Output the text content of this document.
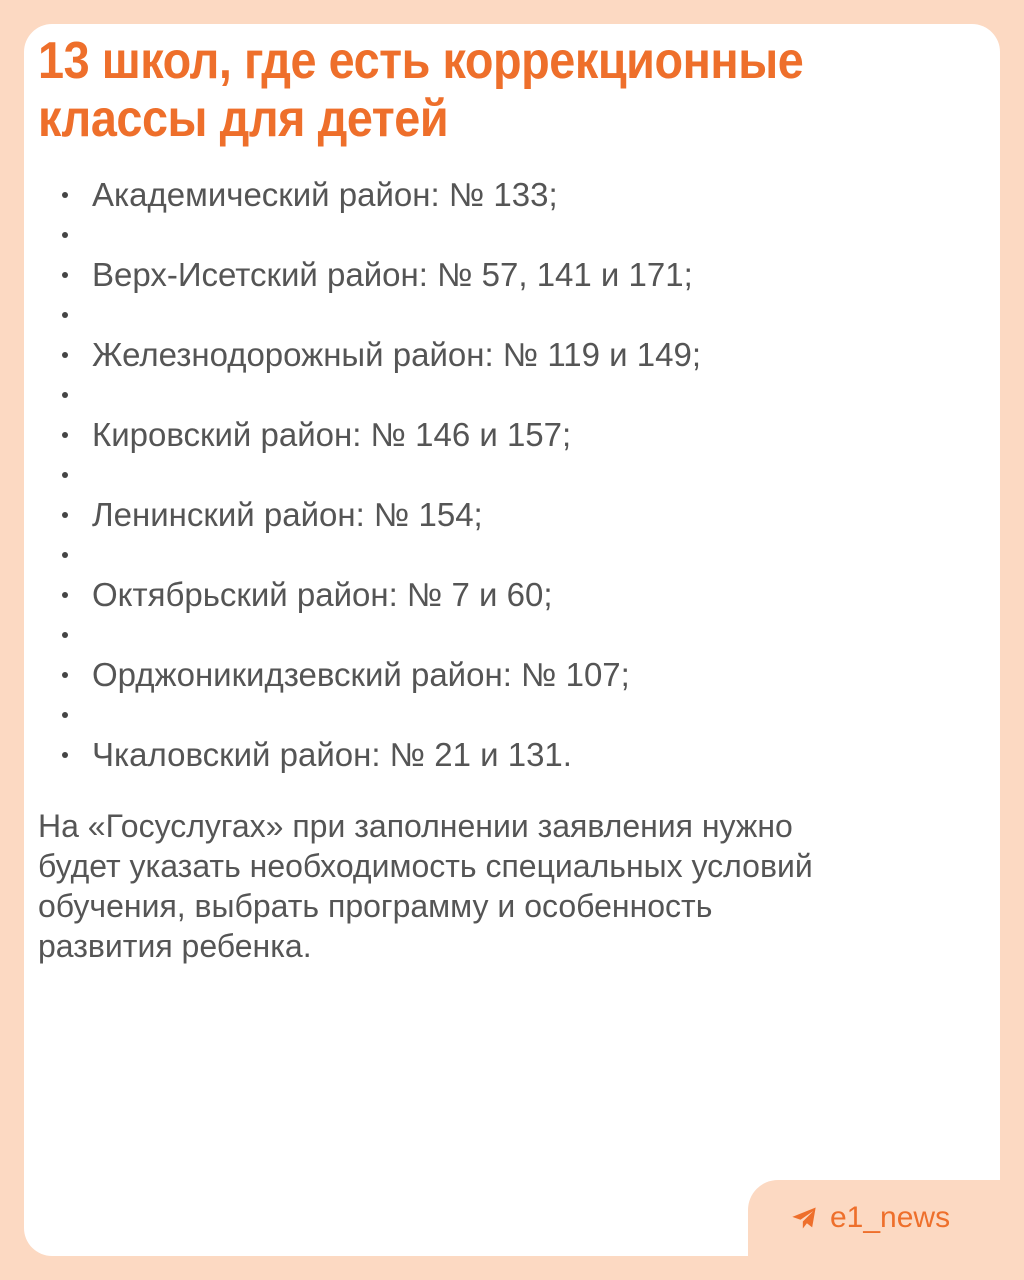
13 школ, где есть коррекционные
классы для детей
Академический район: № 133;
Верх-Исетский район: № 57, 141 и 171;
Железнодорожный район: № 119 и 149;
Кировский район: № 146 и 157;
Ленинский район: № 154;
Октябрьский район: № 7 и 60;
Орджоникидзевский район: № 107;
Чкаловский район: № 21 и 131.

На «Госуслугах» при заполнении заявления нужно
будет указать необходимость специальных условий
обучения, выбрать программу и особенность
развития ребенка.

e1_news
